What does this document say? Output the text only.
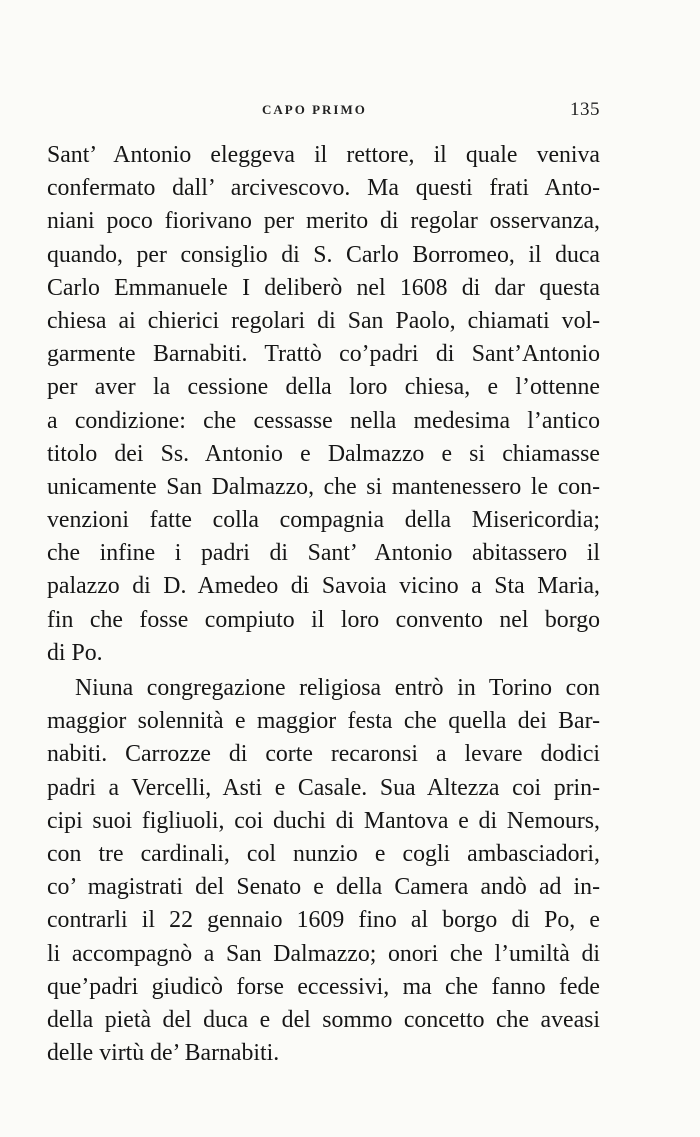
CAPO PRIMO	135
Sant’ Antonio eleggeva il rettore, il quale veniva
confermato dall’ arcivescovo. Ma questi frati Anto-
niani poco fiorivano per merito di regolar osservanza,
quando, per consiglio di S. Carlo Borromeo, il duca
Carlo Emmanuele I deliberò nel 1608 di dar questa
chiesa ai chierici regolari di San Paolo, chiamati vol-
garmente Barnabiti. Trattò co’padri di Sant’Antonio
per aver la cessione della loro chiesa, e l’ottenne
a condizione: che cessasse nella medesima l’antico
titolo dei Ss. Antonio e Dalmazzo e si chiamasse
unicamente San Dalmazzo, che si mantenessero le con-
venzioni fatte colla compagnia della Misericordia;
che infine i padri di Sant’ Antonio abitassero il
palazzo di D. Amedeo di Savoia vicino a Sta Maria,
fin che fosse compiuto il loro convento nel borgo
di Po.
Niuna congregazione religiosa entrò in Torino con
maggior solennità e maggior festa che quella dei Bar-
nabiti. Carrozze di corte recaronsi a levare dodici
padri a Vercelli, Asti e Casale. Sua Altezza coi prin-
cipi suoi figliuoli, coi duchi di Mantova e di Nemours,
con tre cardinali, col nunzio e cogli ambasciadori,
co’ magistrati del Senato e della Camera andò ad in-
contrarli il 22 gennaio 1609 fino al borgo di Po, e
li accompagnò a San Dalmazzo; onori che l’umiltà di
que’padri giudicò forse eccessivi, ma che fanno fede
della pietà del duca e del sommo concetto che aveasi
delle virtù de’ Barnabiti.
